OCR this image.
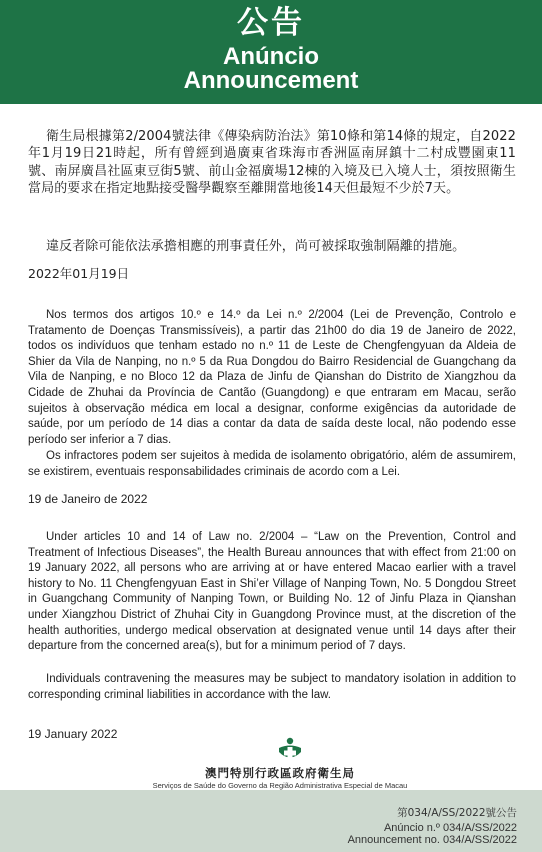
公告
Anúncio
Announcement

衛生局根據第2/2004號法律《傳染病防治法》第10條和第14條的規定，自2022年1月19日21時起，所有曾經到過廣東省珠海市香洲區南屏鎮十二村成豐園東11號、南屏廣昌社區東豆街5號、前山金福廣場12棟的入境及已入境人士，須按照衛生當局的要求在指定地點接受醫學觀察至離開當地後14天但最短不少於7天。

違反者除可能依法承擔相應的刑事責任外，尚可被採取強制隔離的措施。

2022年01月19日

Nos termos dos artigos 10.º e 14.º da Lei n.º 2/2004 (Lei de Prevenção, Controlo e Tratamento de Doenças Transmissíveis), a partir das 21h00 do dia 19 de Janeiro de 2022, todos os indivíduos que tenham estado no n.º 11 de Leste de Chengfengyuan da Aldeia de Shier da Vila de Nanping, no n.º 5 da Rua Dongdou do Bairro Residencial de Guangchang da Vila de Nanping, e no Bloco 12 da Plaza de Jinfu de Qianshan do Distrito de Xiangzhou da Cidade de Zhuhai da Província de Cantão (Guangdong) e que entraram em Macau, serão sujeitos à observação médica em local a designar, conforme exigências da autoridade de saúde, por um período de 14 dias a contar da data de saída deste local, não podendo esse período ser inferior a 7 dias.

Os infractores podem ser sujeitos à medida de isolamento obrigatório, além de assumirem, se existirem, eventuais responsabilidades criminais de acordo com a Lei.

19 de Janeiro de 2022

Under articles 10 and 14 of Law no. 2/2004 – “Law on the Prevention, Control and Treatment of Infectious Diseases”, the Health Bureau announces that with effect from 21:00 on 19 January 2022, all persons who are arriving at or have entered Macao earlier with a travel history to No. 11 Chengfengyuan East in Shi’er Village of Nanping Town, No. 5 Dongdou Street in Guangchang Community of Nanping Town, or Building No. 12 of Jinfu Plaza in Qianshan under Xiangzhou District of Zhuhai City in Guangdong Province must, at the discretion of the health authorities, undergo medical observation at designated venue until 14 days after their departure from the concerned area(s), but for a minimum period of 7 days.

Individuals contravening the measures may be subject to mandatory isolation in addition to corresponding criminal liabilities in accordance with the law.

19 January 2022

澳門特別行政區政府衛生局
Serviços de Saúde do Governo da Região Administrativa Especial de Macau
第034/A/SS/2022號公告
Anúncio n.º 034/A/SS/2022
Announcement no. 034/A/SS/2022
